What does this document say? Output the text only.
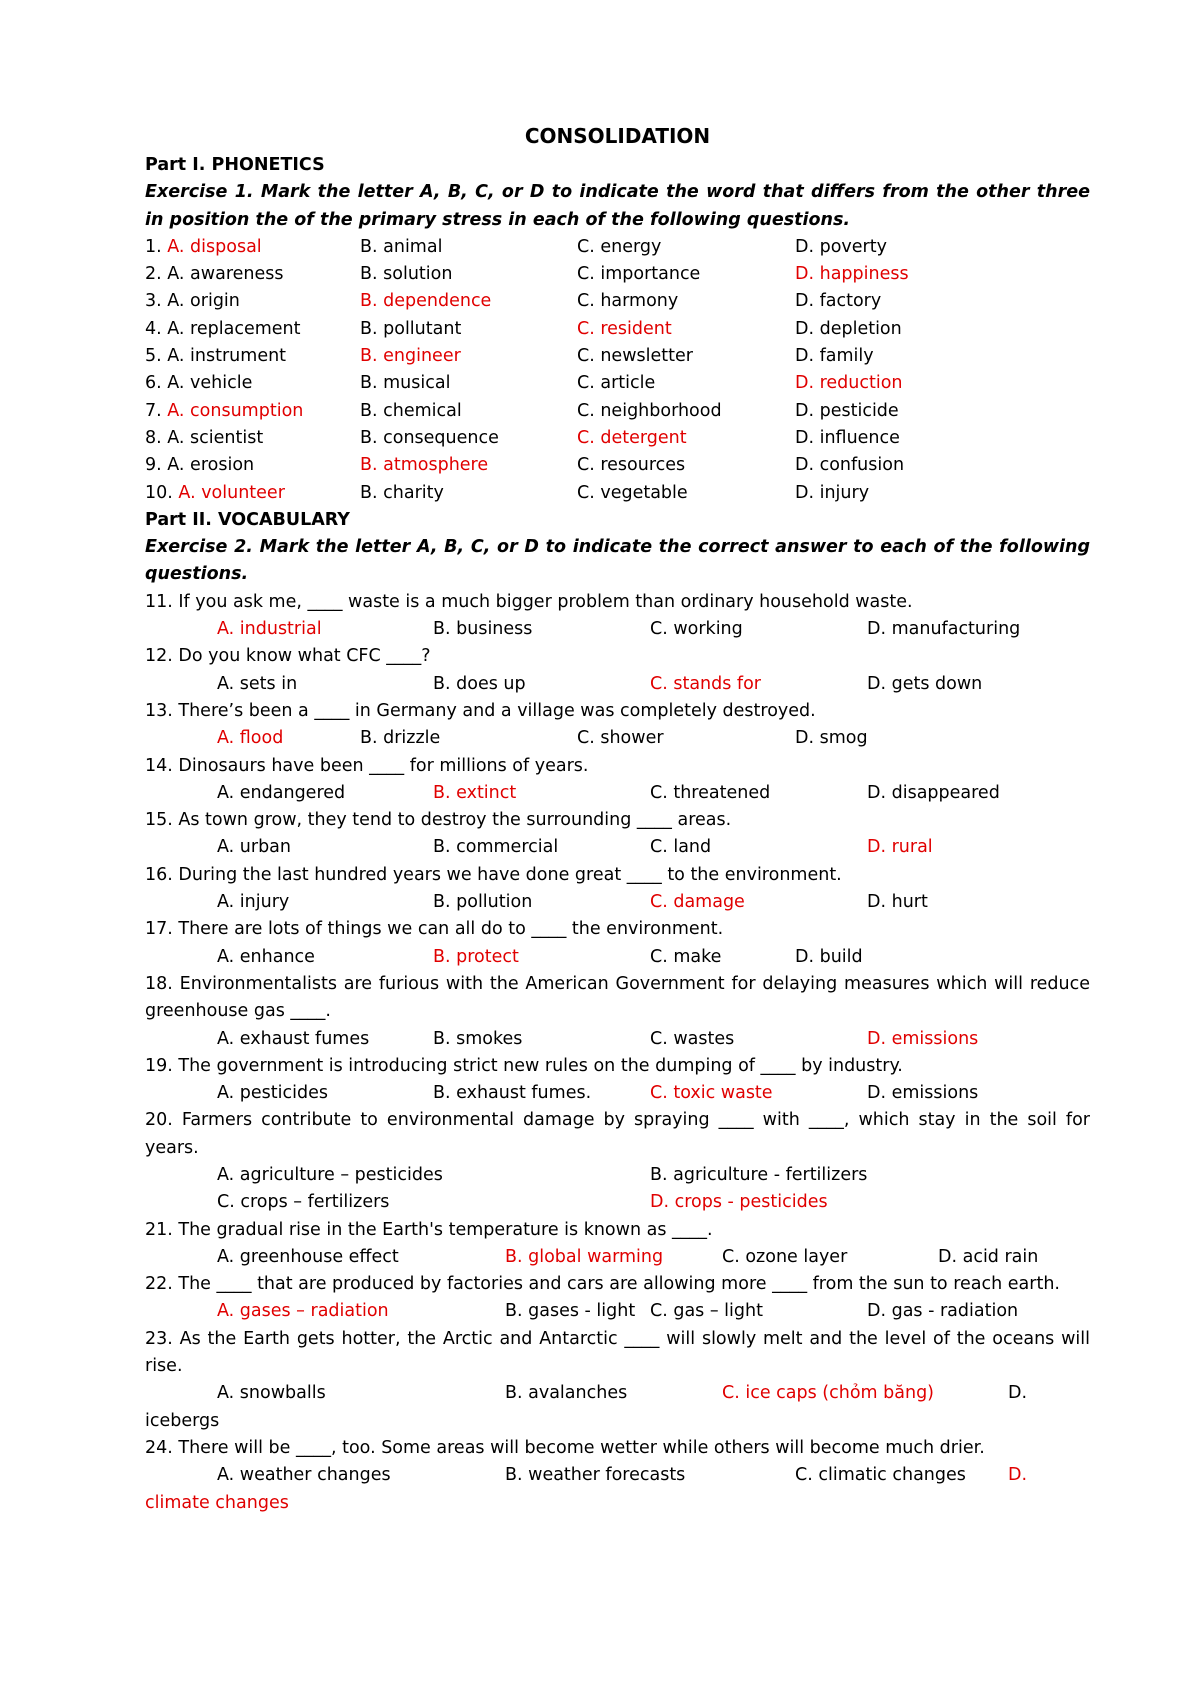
CONSOLIDATION
Part I. PHONETICS
Exercise 1. Mark the letter A, B, C, or D to indicate the word that differs from the other three in position the of the primary stress in each of the following questions.
1. A. disposal	B. animal	C. energy	D. poverty
2. A. awareness	B. solution	C. importance	D. happiness
3. A. origin	B. dependence	C. harmony	D. factory
4. A. replacement	B. pollutant	C. resident	D. depletion
5. A. instrument	B. engineer	C. newsletter	D. family
6. A. vehicle	B. musical	C. article	D. reduction
7. A. consumption	B. chemical	C. neighborhood	D. pesticide
8. A. scientist	B. consequence	C. detergent	D. influence
9. A. erosion	B. atmosphere	C. resources	D. confusion
10. A. volunteer	B. charity	C. vegetable	D. injury
Part II. VOCABULARY
Exercise 2. Mark the letter A, B, C, or D to indicate the correct answer to each of the following questions.
11. If you ask me, ____ waste is a much bigger problem than ordinary household waste.
A. industrial	B. business	C. working	D. manufacturing
12. Do you know what CFC ____?
A. sets in	B. does up	C. stands for	D. gets down
13. There’s been a ____ in Germany and a village was completely destroyed.
A. flood	B. drizzle	C. shower	D. smog
14. Dinosaurs have been ____ for millions of years.
A. endangered	B. extinct	C. threatened	D. disappeared
15. As town grow, they tend to destroy the surrounding ____ areas.
A. urban	B. commercial	C. land	D. rural
16. During the last hundred years we have done great ____ to the environment.
A. injury	B. pollution	C. damage	D. hurt
17. There are lots of things we can all do to ____ the environment.
A. enhance	B. protect	C. make	D. build
18. Environmentalists are furious with the American Government for delaying measures which will reduce greenhouse gas ____.
A. exhaust fumes	B. smokes	C. wastes	D. emissions
19. The government is introducing strict new rules on the dumping of ____ by industry.
A. pesticides	B. exhaust fumes.	C. toxic waste	D. emissions
20. Farmers contribute to environmental damage by spraying ____ with ____, which stay in the soil for years.
A. agriculture – pesticides	B. agriculture - fertilizers
C. crops – fertilizers	D. crops - pesticides
21. The gradual rise in the Earth's temperature is known as ____.
A. greenhouse effect	B. global warming	C. ozone layer	D. acid rain
22. The ____ that are produced by factories and cars are allowing more ____ from the sun to reach earth.
A. gases – radiation	B. gases - light C. gas – light	D. gas - radiation
23. As the Earth gets hotter, the Arctic and Antarctic ____ will slowly melt and the level of the oceans will rise.
A. snowballs	B. avalanches	C. ice caps (chỏm băng)	D.
icebergs
24. There will be ____, too. Some areas will become wetter while others will become much drier.
A. weather changes	B. weather forecasts	C. climatic changes D.
climate changes
